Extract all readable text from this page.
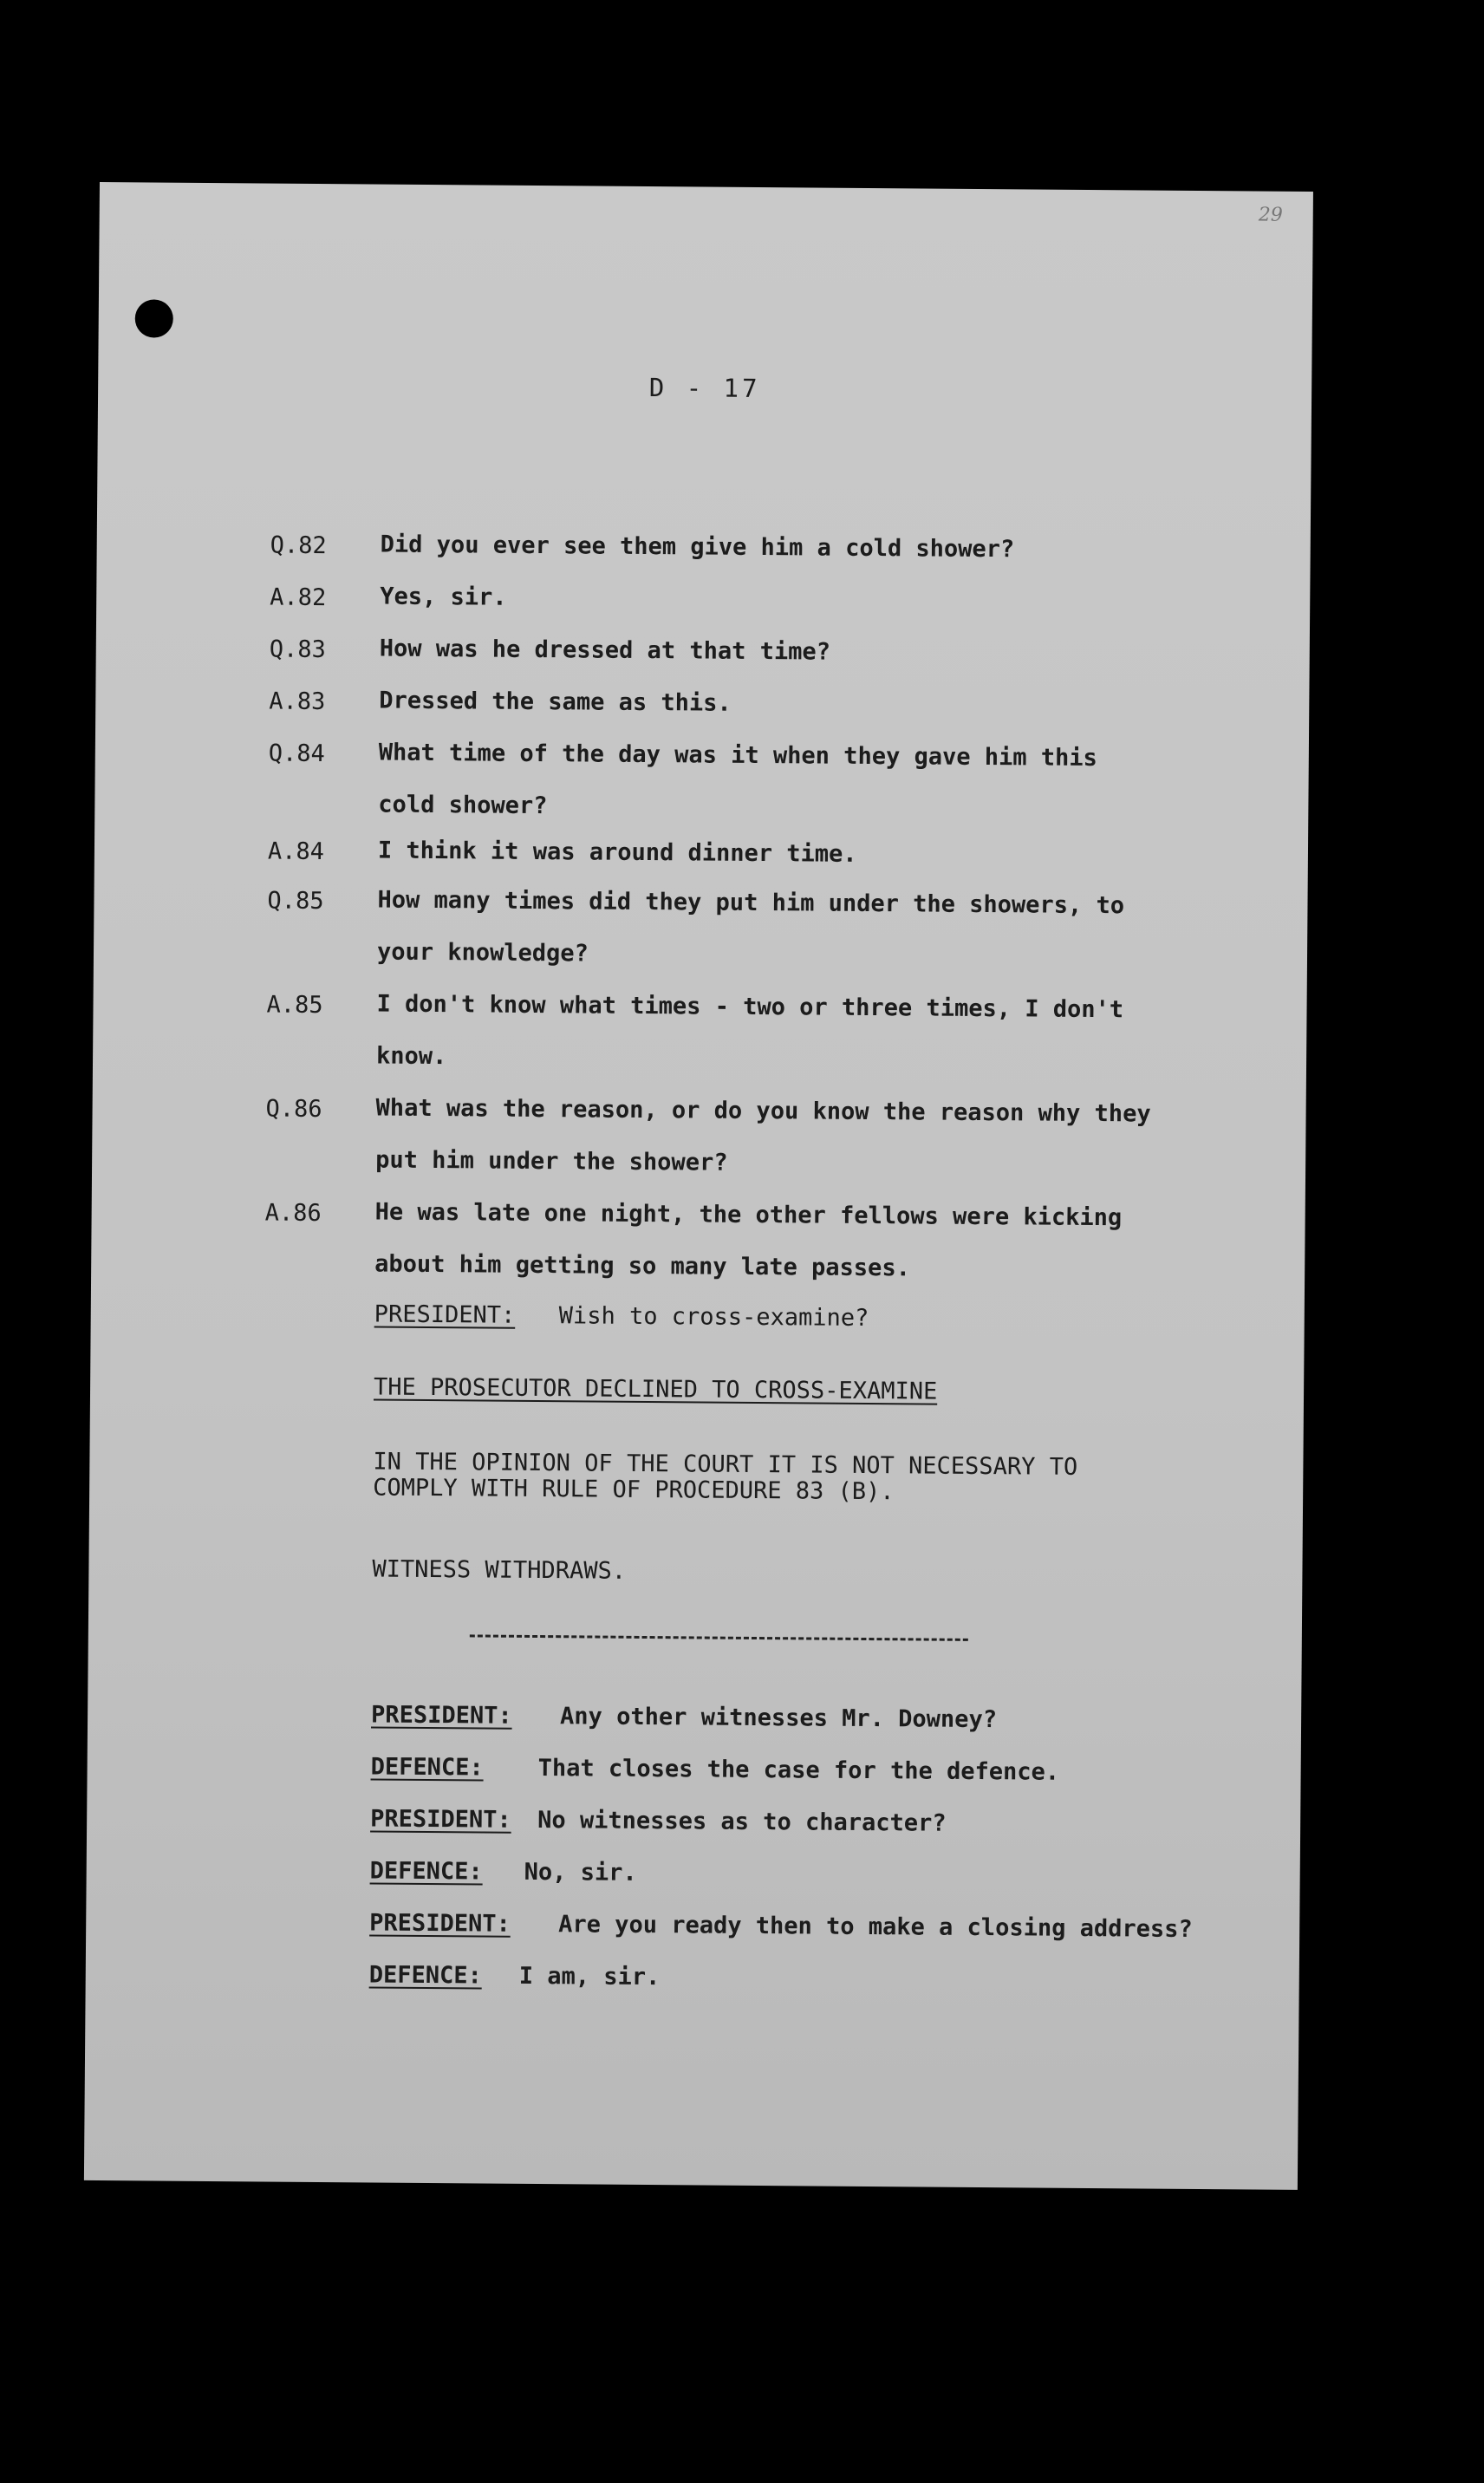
29
D - 17
Q.82 Did you ever see them give him a cold shower?
A.82 Yes, sir.
Q.83 How was he dressed at that time?
A.83 Dressed the same as this.
Q.84 What time of the day was it when they gave him this
cold shower?
A.84 I think it was around dinner time.
Q.85 How many times did they put him under the showers, to
your knowledge?
A.85 I don't know what times - two or three times, I don't
know.
Q.86 What was the reason, or do you know the reason why they
put him under the shower?
A.86 He was late one night, the other fellows were kicking
about him getting so many late passes.
PRESIDENT: Wish to cross-examine?
THE PROSECUTOR DECLINED TO CROSS-EXAMINE
IN THE OPINION OF THE COURT IT IS NOT NECESSARY TO
COMPLY WITH RULE OF PROCEDURE 83 (B).
WITNESS WITHDRAWS.
PRESIDENT: Any other witnesses Mr. Downey?
DEFENCE: That closes the case for the defence.
PRESIDENT: No witnesses as to character?
DEFENCE: No, sir.
PRESIDENT: Are you ready then to make a closing address?
DEFENCE: I am, sir.
